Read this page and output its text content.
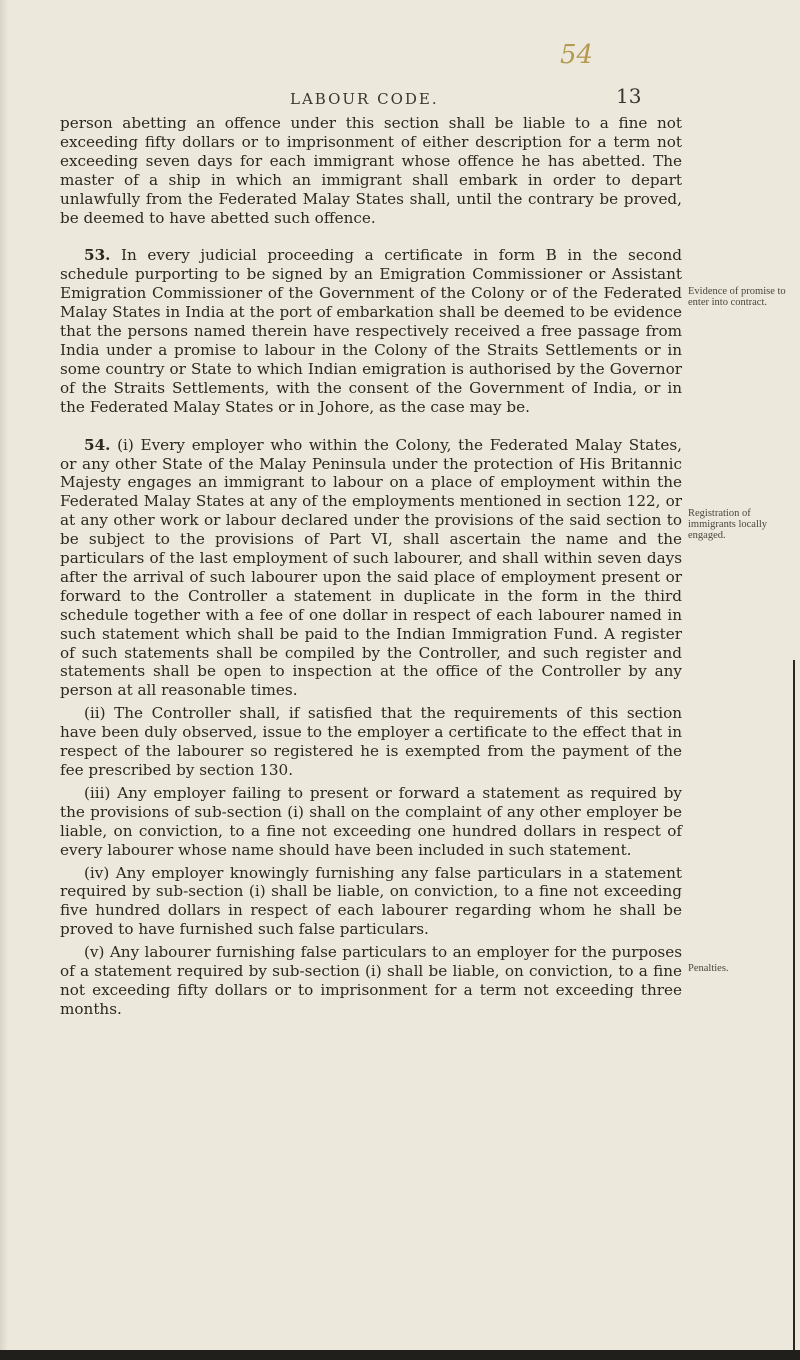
54
LABOUR CODE.	13

person abetting an offence under this section shall be liable to a fine not exceeding fifty dollars or to imprisonment of either description for a term not exceeding seven days for each immigrant whose offence he has abetted. The master of a ship in which an immigrant shall embark in order to depart unlawfully from the Federated Malay States shall, until the contrary be proved, be deemed to have abetted such offence.

53. In every judicial proceeding a certificate in form B in the second schedule purporting to be signed by an Emigration Commissioner or Assistant Emigration Commissioner of the Government of the Colony or of the Federated Malay States in India at the port of embarkation shall be deemed to be evidence that the persons named therein have respectively received a free passage from India under a promise to labour in the Colony of the Straits Settlements or in some country or State to which Indian emigration is authorised by the Governor of the Straits Settlements, with the consent of the Government of India, or in the Federated Malay States or in Johore, as the case may be.

54. (i) Every employer who within the Colony, the Federated Malay States, or any other State of the Malay Peninsula under the protection of His Britannic Majesty engages an immigrant to labour on a place of employment within the Federated Malay States at any of the employments mentioned in section 122, or at any other work or labour declared under the provisions of the said section to be subject to the provisions of Part VI, shall ascertain the name and the particulars of the last employment of such labourer, and shall within seven days after the arrival of such labourer upon the said place of employment present or forward to the Controller a statement in duplicate in the form in the third schedule together with a fee of one dollar in respect of each labourer named in such statement which shall be paid to the Indian Immigration Fund. A register of such statements shall be compiled by the Controller, and such register and statements shall be open to inspection at the office of the Controller by any person at all reasonable times.

(ii) The Controller shall, if satisfied that the requirements of this section have been duly observed, issue to the employer a certificate to the effect that in respect of the labourer so registered he is exempted from the payment of the fee prescribed by section 130.

(iii) Any employer failing to present or forward a statement as required by the provisions of sub-section (i) shall on the complaint of any other employer be liable, on conviction, to a fine not exceeding one hundred dollars in respect of every labourer whose name should have been included in such statement.

(iv) Any employer knowingly furnishing any false particulars in a statement required by sub-section (i) shall be liable, on conviction, to a fine not exceeding five hundred dollars in respect of each labourer regarding whom he shall be proved to have furnished such false particulars.

(v) Any labourer furnishing false particulars to an employer for the purposes of a statement required by sub-section (i) shall be liable, on conviction, to a fine not exceeding fifty dollars or to imprisonment for a term not exceeding three months.

Evidence of promise to enter into contract.
Registration of immigrants locally engaged.
Penalties.
